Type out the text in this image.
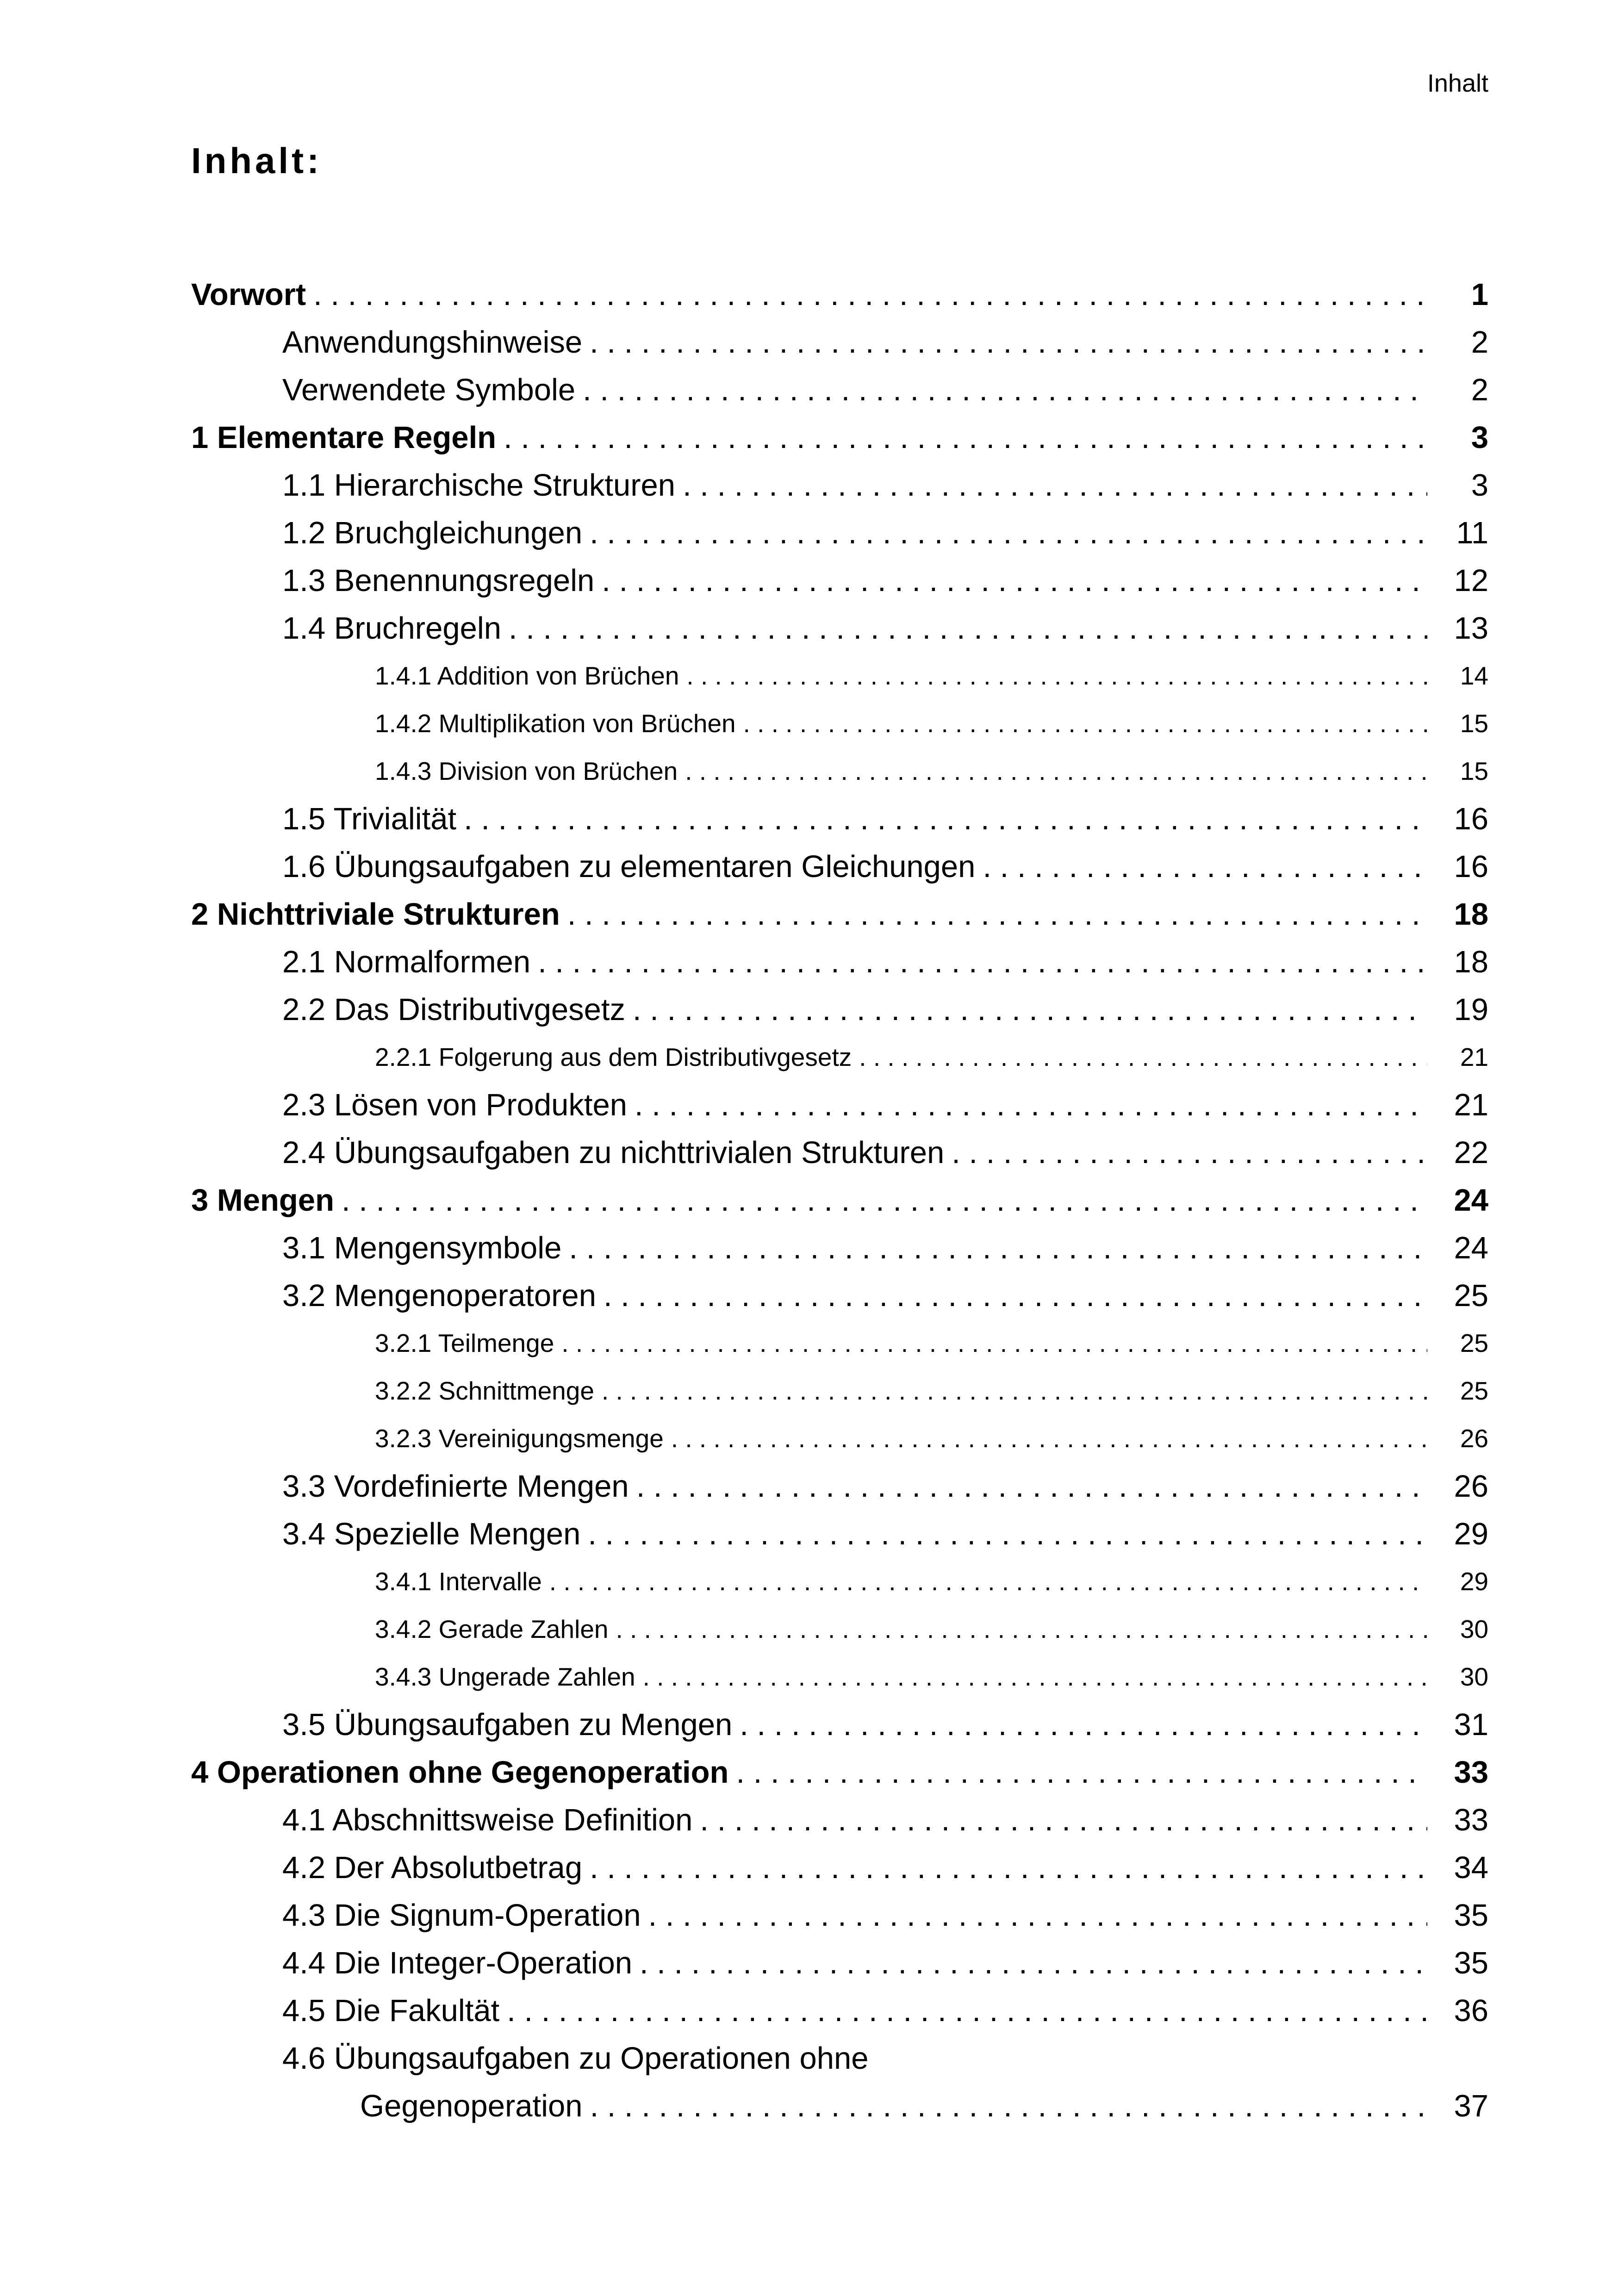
Inhalt
Inhalt:
Vorwort . . .	1
Anwendungshinweise . . .	2
Verwendete Symbole . . .	2
1 Elementare Regeln . . .	3
1.1 Hierarchische Strukturen . . .	3
1.2 Bruchgleichungen . . .	11
1.3 Benennungsregeln . . .	12
1.4 Bruchregeln . . .	13
1.4.1 Addition von Brüchen . . .	14
1.4.2 Multiplikation von Brüchen . . .	15
1.4.3 Division von Brüchen . . .	15
1.5 Trivialität . . .	16
1.6 Übungsaufgaben zu elementaren Gleichungen . . .	16
2 Nichttriviale Strukturen . . .	18
2.1 Normalformen . . .	18
2.2 Das Distributivgesetz . . .	19
2.2.1 Folgerung aus dem Distributivgesetz . . .	21
2.3 Lösen von Produkten . . .	21
2.4 Übungsaufgaben zu nichttrivialen Strukturen . . .	22
3 Mengen . . .	24
3.1 Mengensymbole . . .	24
3.2 Mengenoperatoren . . .	25
3.2.1 Teilmenge . . .	25
3.2.2 Schnittmenge . . .	25
3.2.3 Vereinigungsmenge . . .	26
3.3 Vordefinierte Mengen . . .	26
3.4 Spezielle Mengen . . .	29
3.4.1 Intervalle . . .	29
3.4.2 Gerade Zahlen . . .	30
3.4.3 Ungerade Zahlen . . .	30
3.5 Übungsaufgaben zu Mengen . . .	31
4 Operationen ohne Gegenoperation . . .	33
4.1 Abschnittsweise Definition . . .	33
4.2 Der Absolutbetrag . . .	34
4.3 Die Signum-Operation . . .	35
4.4 Die Integer-Operation . . .	35
4.5 Die Fakultät . . .	36
4.6 Übungsaufgaben zu Operationen ohne
Gegenoperation . . .	37
